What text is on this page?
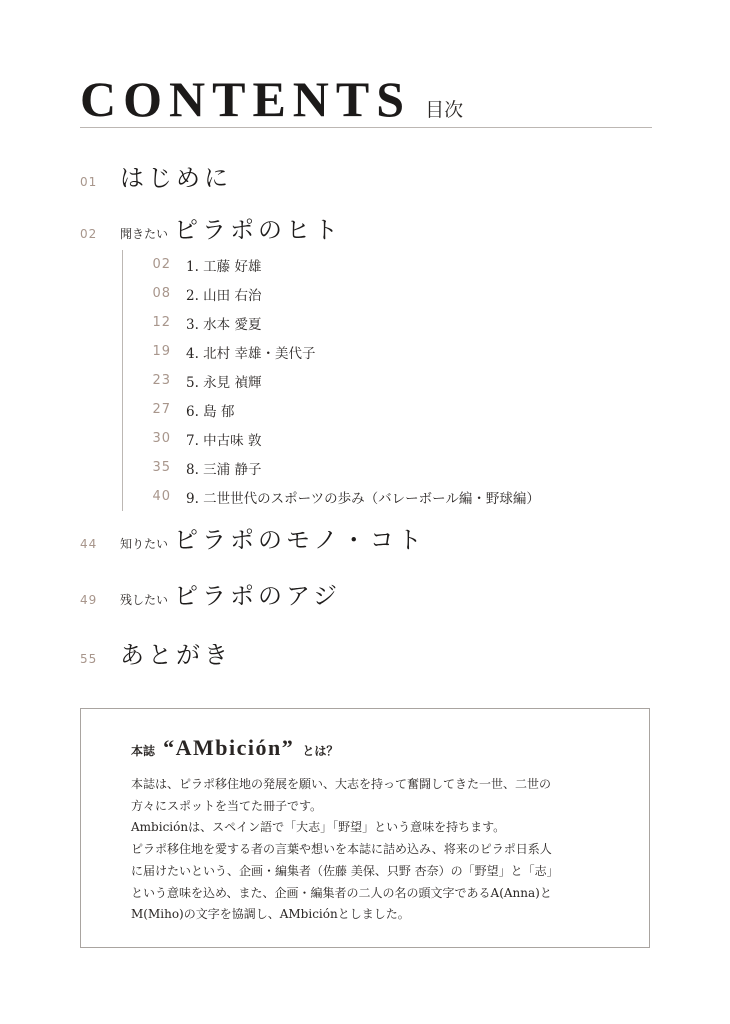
CONTENTS 目次
01 はじめに
02	聞きたい ピラポのヒト
02 1. 工藤 好雄
08 2. 山田 右治
12 3. 水本 愛夏
19 4. 北村 幸雄・美代子
23 5. 永見 禎輝
27 6. 島 郁
30 7. 中古味 敦
35 8. 三浦 静子
40 9. 二世世代のスポーツの歩み（バレーボール編・野球編）
44	知りたい ピラポのモノ・コト
49	残したい ピラポのアジ
55 あとがき
本誌 “AMbición” とは？
本誌は、ピラポ移住地の発展を願い、大志を持って奮闘してきた一世、二世の
方々にスポットを当てた冊子です。
Ambiciónは、スペイン語で「大志」「野望」という意味を持ちます。
ピラポ移住地を愛する者の言葉や想いを本誌に詰め込み、将来のピラポ日系人
に届けたいという、企画・編集者（佐藤 美保、只野 杏奈）の「野望」と「志」
という意味を込め、また、企画・編集者の二人の名の頭文字であるA(Anna)と
M(Miho)の文字を協調し、AMbiciónとしました。
